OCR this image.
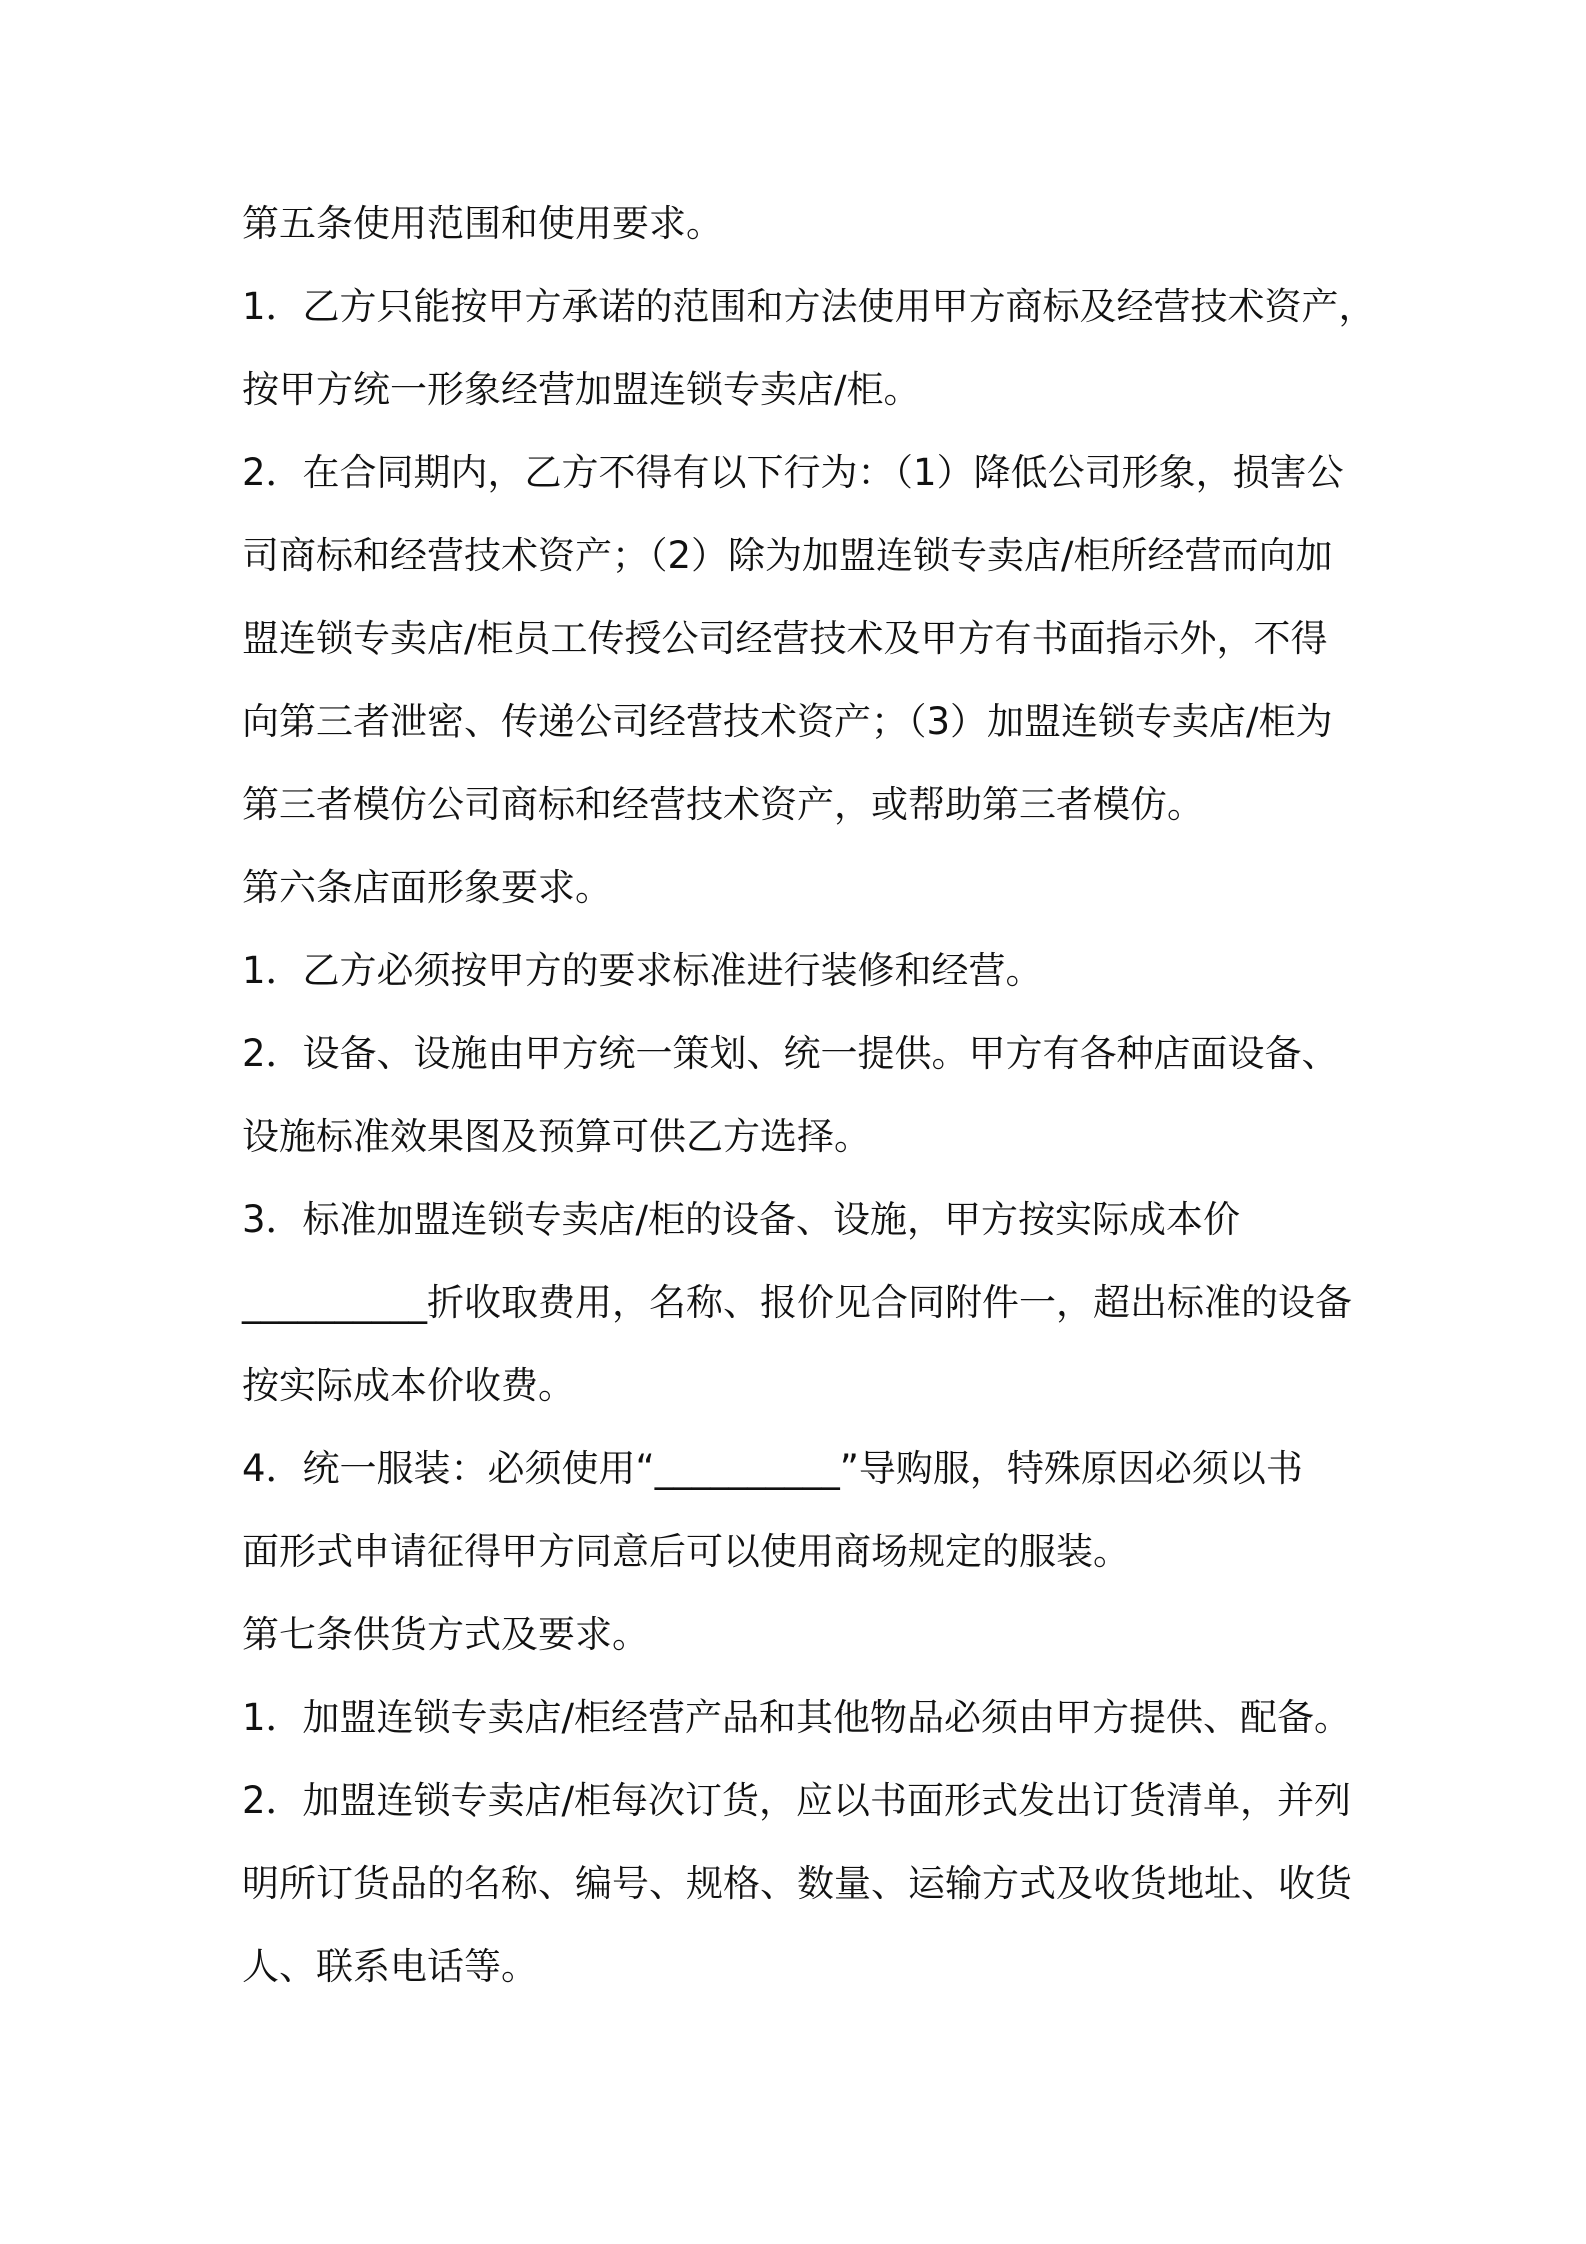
第五条使用范围和使用要求。

1．乙方只能按甲方承诺的范围和方法使用甲方商标及经营技术资产，

按甲方统一形象经营加盟连锁专卖店/柜。

2．在合同期内，乙方不得有以下行为：（1）降低公司形象，损害公

司商标和经营技术资产；（2）除为加盟连锁专卖店/柜所经营而向加

盟连锁专卖店/柜员工传授公司经营技术及甲方有书面指示外，不得

向第三者泄密、传递公司经营技术资产；（3）加盟连锁专卖店/柜为

第三者模仿公司商标和经营技术资产，或帮助第三者模仿。

第六条店面形象要求。

1．乙方必须按甲方的要求标准进行装修和经营。

2．设备、设施由甲方统一策划、统一提供。甲方有各种店面设备、

设施标准效果图及预算可供乙方选择。

3．标准加盟连锁专卖店/柜的设备、设施，甲方按实际成本价

__________折收取费用，名称、报价见合同附件一，超出标准的设备

按实际成本价收费。

4．统一服装：必须使用“__________”导购服，特殊原因必须以书

面形式申请征得甲方同意后可以使用商场规定的服装。

第七条供货方式及要求。

1．加盟连锁专卖店/柜经营产品和其他物品必须由甲方提供、配备。

2．加盟连锁专卖店/柜每次订货，应以书面形式发出订货清单，并列

明所订货品的名称、编号、规格、数量、运输方式及收货地址、收货

人、联系电话等。
